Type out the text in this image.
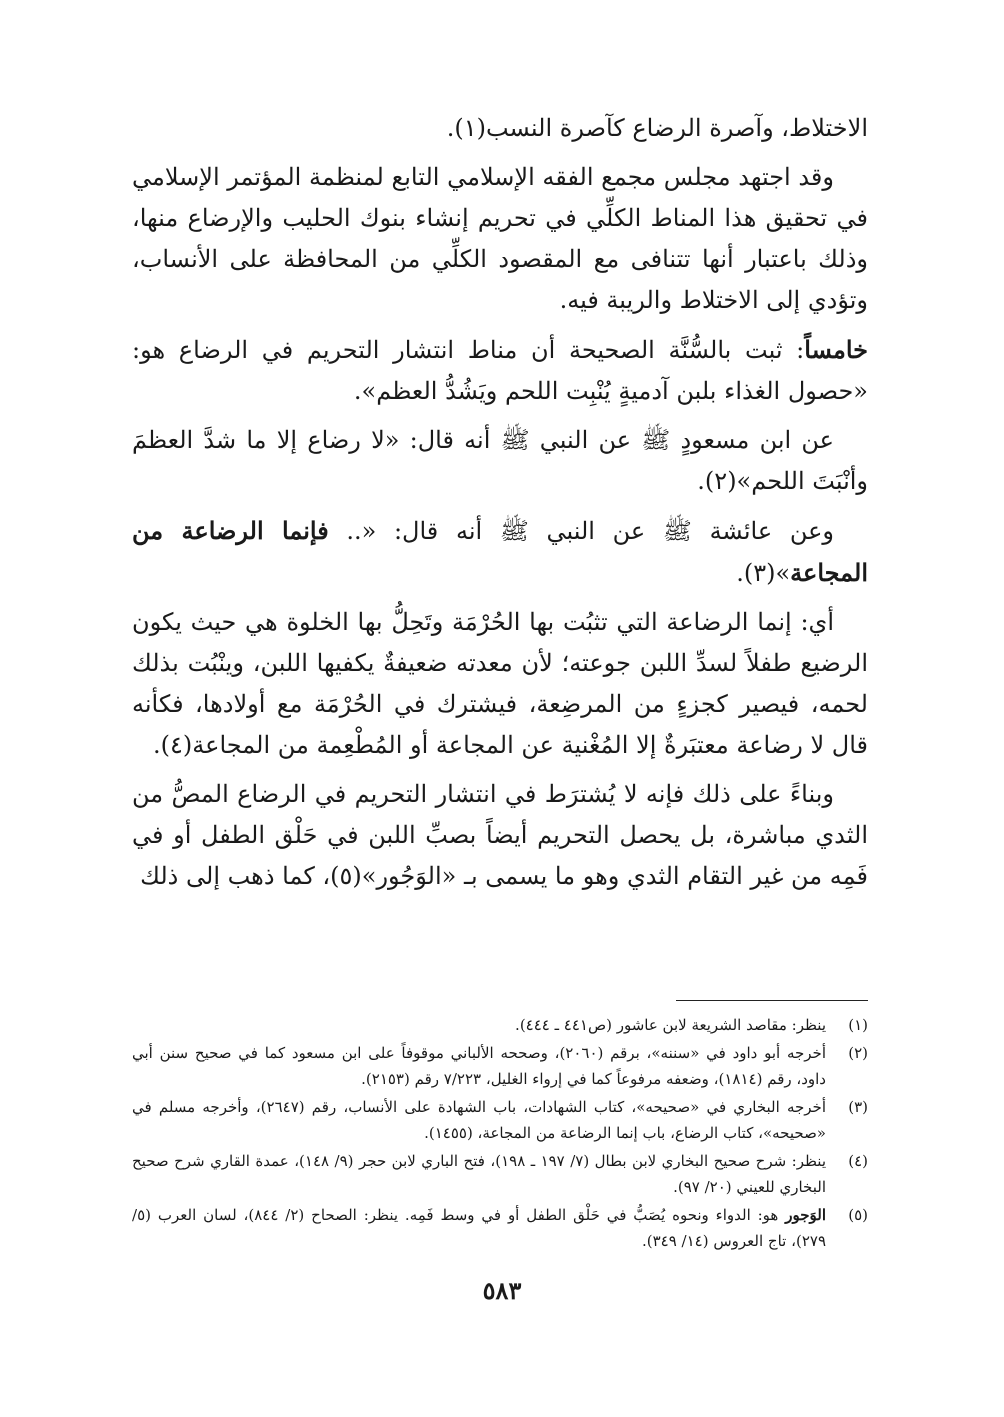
الاختلاط، وآصرة الرضاع كآصرة النسب(١).

وقد اجتهد مجلس مجمع الفقه الإسلامي التابع لمنظمة المؤتمر الإسلامي في تحقيق هذا المناط الكلِّي في تحريم إنشاء بنوك الحليب والإرضاع منها، وذلك باعتبار أنها تتنافى مع المقصود الكلِّي من المحافظة على الأنساب، وتؤدي إلى الاختلاط والريبة فيه.

خامساً: ثبت بالسُّنَّة الصحيحة أن مناط انتشار التحريم في الرضاع هو: «حصول الغذاء بلبن آدميةٍ يُنْبِت اللحم ويَشُدُّ العظم».

عن ابن مسعودٍ ﷺ عن النبي ﷺ أنه قال: «لا رضاع إلا ما شدَّ العظمَ وأنْبَتَ اللحم»(٢).

وعن عائشة ﷺ عن النبي ﷺ أنه قال: «.. فإنما الرضاعة من المجاعة»(٣).

أي: إنما الرضاعة التي تثبُت بها الحُرْمَة وتَحِلُّ بها الخلوة هي حيث يكون الرضيع طفلاً لسدِّ اللبن جوعته؛ لأن معدته ضعيفةٌ يكفيها اللبن، وينْبُت بذلك لحمه، فيصير كجزءٍ من المرضِعة، فيشترك في الحُرْمَة مع أولادها، فكأنه قال لا رضاعة معتبَرةٌ إلا المُغْنية عن المجاعة أو المُطْعِمة من المجاعة(٤).

وبناءً على ذلك فإنه لا يُشترَط في انتشار التحريم في الرضاع المصُّ من الثدي مباشرة، بل يحصل التحريم أيضاً بصبِّ اللبن في حَلْق الطفل أو في فَمِه من غير التقام الثدي وهو ما يسمى بـ «الوَجُور»(٥)، كما ذهب إلى ذلك

(١)
ينظر: مقاصد الشريعة لابن عاشور (ص٤٤١ ـ ٤٤٤).
(٢)
أخرجه أبو داود في «سننه»، برقم (٢٠٦٠)، وصححه الألباني موقوفاً على ابن مسعود كما في صحيح سنن أبي داود، رقم (١٨١٤)، وضعفه مرفوعاً كما في إرواء الغليل، ٧/٢٢٣ رقم (٢١٥٣).
(٣)
أخرجه البخاري في «صحيحه»، كتاب الشهادات، باب الشهادة على الأنساب، رقم (٢٦٤٧)، وأخرجه مسلم في «صحيحه»، كتاب الرضاع، باب إنما الرضاعة من المجاعة، (١٤٥٥).
(٤)
ينظر: شرح صحيح البخاري لابن بطال (٧/ ١٩٧ ـ ١٩٨)، فتح الباري لابن حجر (٩/ ١٤٨)، عمدة القاري شرح صحيح البخاري للعيني (٢٠/ ٩٧).
(٥)
الوَجور هو: الدواء ونحوه يُصَبُّ في حَلْق الطفل أو في وسط فَمِه. ينظر: الصحاح (٢/ ٨٤٤)، لسان العرب (٥/ ٢٧٩)، تاج العروس (١٤/ ٣٤٩).
٥٨٣
